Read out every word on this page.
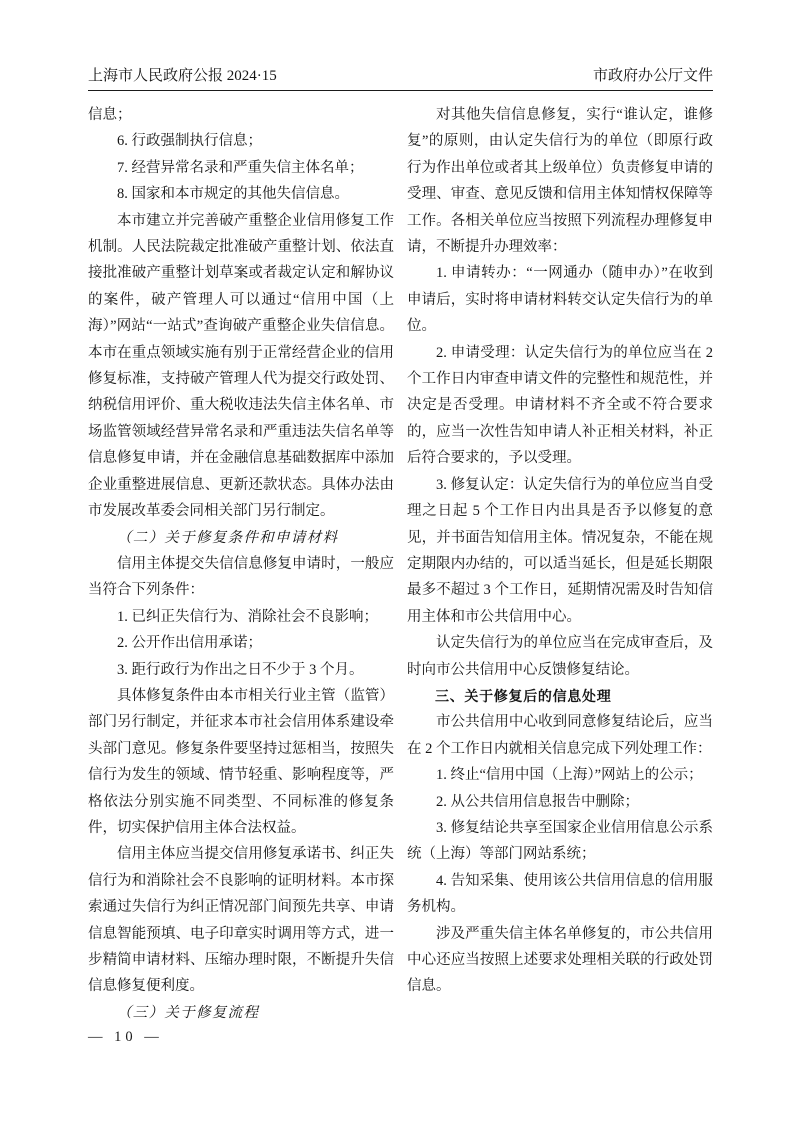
上海市人民政府公报 2024·15	市政府办公厅文件

信息；

6. 行政强制执行信息；

7. 经营异常名录和严重失信主体名单；

8. 国家和本市规定的其他失信信息。

本市建立并完善破产重整企业信用修复工作机制。人民法院裁定批准破产重整计划、依法直接批准破产重整计划草案或者裁定认定和解协议的案件，破产管理人可以通过“信用中国（上海）”网站“一站式”查询破产重整企业失信信息。本市在重点领域实施有别于正常经营企业的信用修复标准，支持破产管理人代为提交行政处罚、纳税信用评价、重大税收违法失信主体名单、市场监管领域经营异常名录和严重违法失信名单等信息修复申请，并在金融信息基础数据库中添加企业重整进展信息、更新还款状态。具体办法由市发展改革委会同相关部门另行制定。

（二）关于修复条件和申请材料

信用主体提交失信信息修复申请时，一般应当符合下列条件：

1. 已纠正失信行为、消除社会不良影响；

2. 公开作出信用承诺；

3. 距行政行为作出之日不少于 3 个月。

具体修复条件由本市相关行业主管（监管）部门另行制定，并征求本市社会信用体系建设牵头部门意见。修复条件要坚持过惩相当，按照失信行为发生的领域、情节轻重、影响程度等，严格依法分别实施不同类型、不同标准的修复条件，切实保护信用主体合法权益。

信用主体应当提交信用修复承诺书、纠正失信行为和消除社会不良影响的证明材料。本市探索通过失信行为纠正情况部门间预先共享、申请信息智能预填、电子印章实时调用等方式，进一步精简申请材料、压缩办理时限，不断提升失信信息修复便利度。

（三）关于修复流程

对其他失信信息修复，实行“谁认定，谁修复”的原则，由认定失信行为的单位（即原行政行为作出单位或者其上级单位）负责修复申请的受理、审查、意见反馈和信用主体知情权保障等工作。各相关单位应当按照下列流程办理修复申请，不断提升办理效率：

1. 申请转办：“一网通办（随申办）”在收到申请后，实时将申请材料转交认定失信行为的单位。

2. 申请受理：认定失信行为的单位应当在 2 个工作日内审查申请文件的完整性和规范性，并决定是否受理。申请材料不齐全或不符合要求的，应当一次性告知申请人补正相关材料，补正后符合要求的，予以受理。

3. 修复认定：认定失信行为的单位应当自受理之日起 5 个工作日内出具是否予以修复的意见，并书面告知信用主体。情况复杂，不能在规定期限内办结的，可以适当延长，但是延长期限最多不超过 3 个工作日，延期情况需及时告知信用主体和市公共信用中心。

认定失信行为的单位应当在完成审查后，及时向市公共信用中心反馈修复结论。

三、关于修复后的信息处理

市公共信用中心收到同意修复结论后，应当在 2 个工作日内就相关信息完成下列处理工作：

1. 终止“信用中国（上海）”网站上的公示；

2. 从公共信用信息报告中删除；

3. 修复结论共享至国家企业信用信息公示系统（上海）等部门网站系统；

4. 告知采集、使用该公共信用信息的信用服务机构。

涉及严重失信主体名单修复的，市公共信用中心还应当按照上述要求处理相关联的行政处罚信息。

— 10 —
